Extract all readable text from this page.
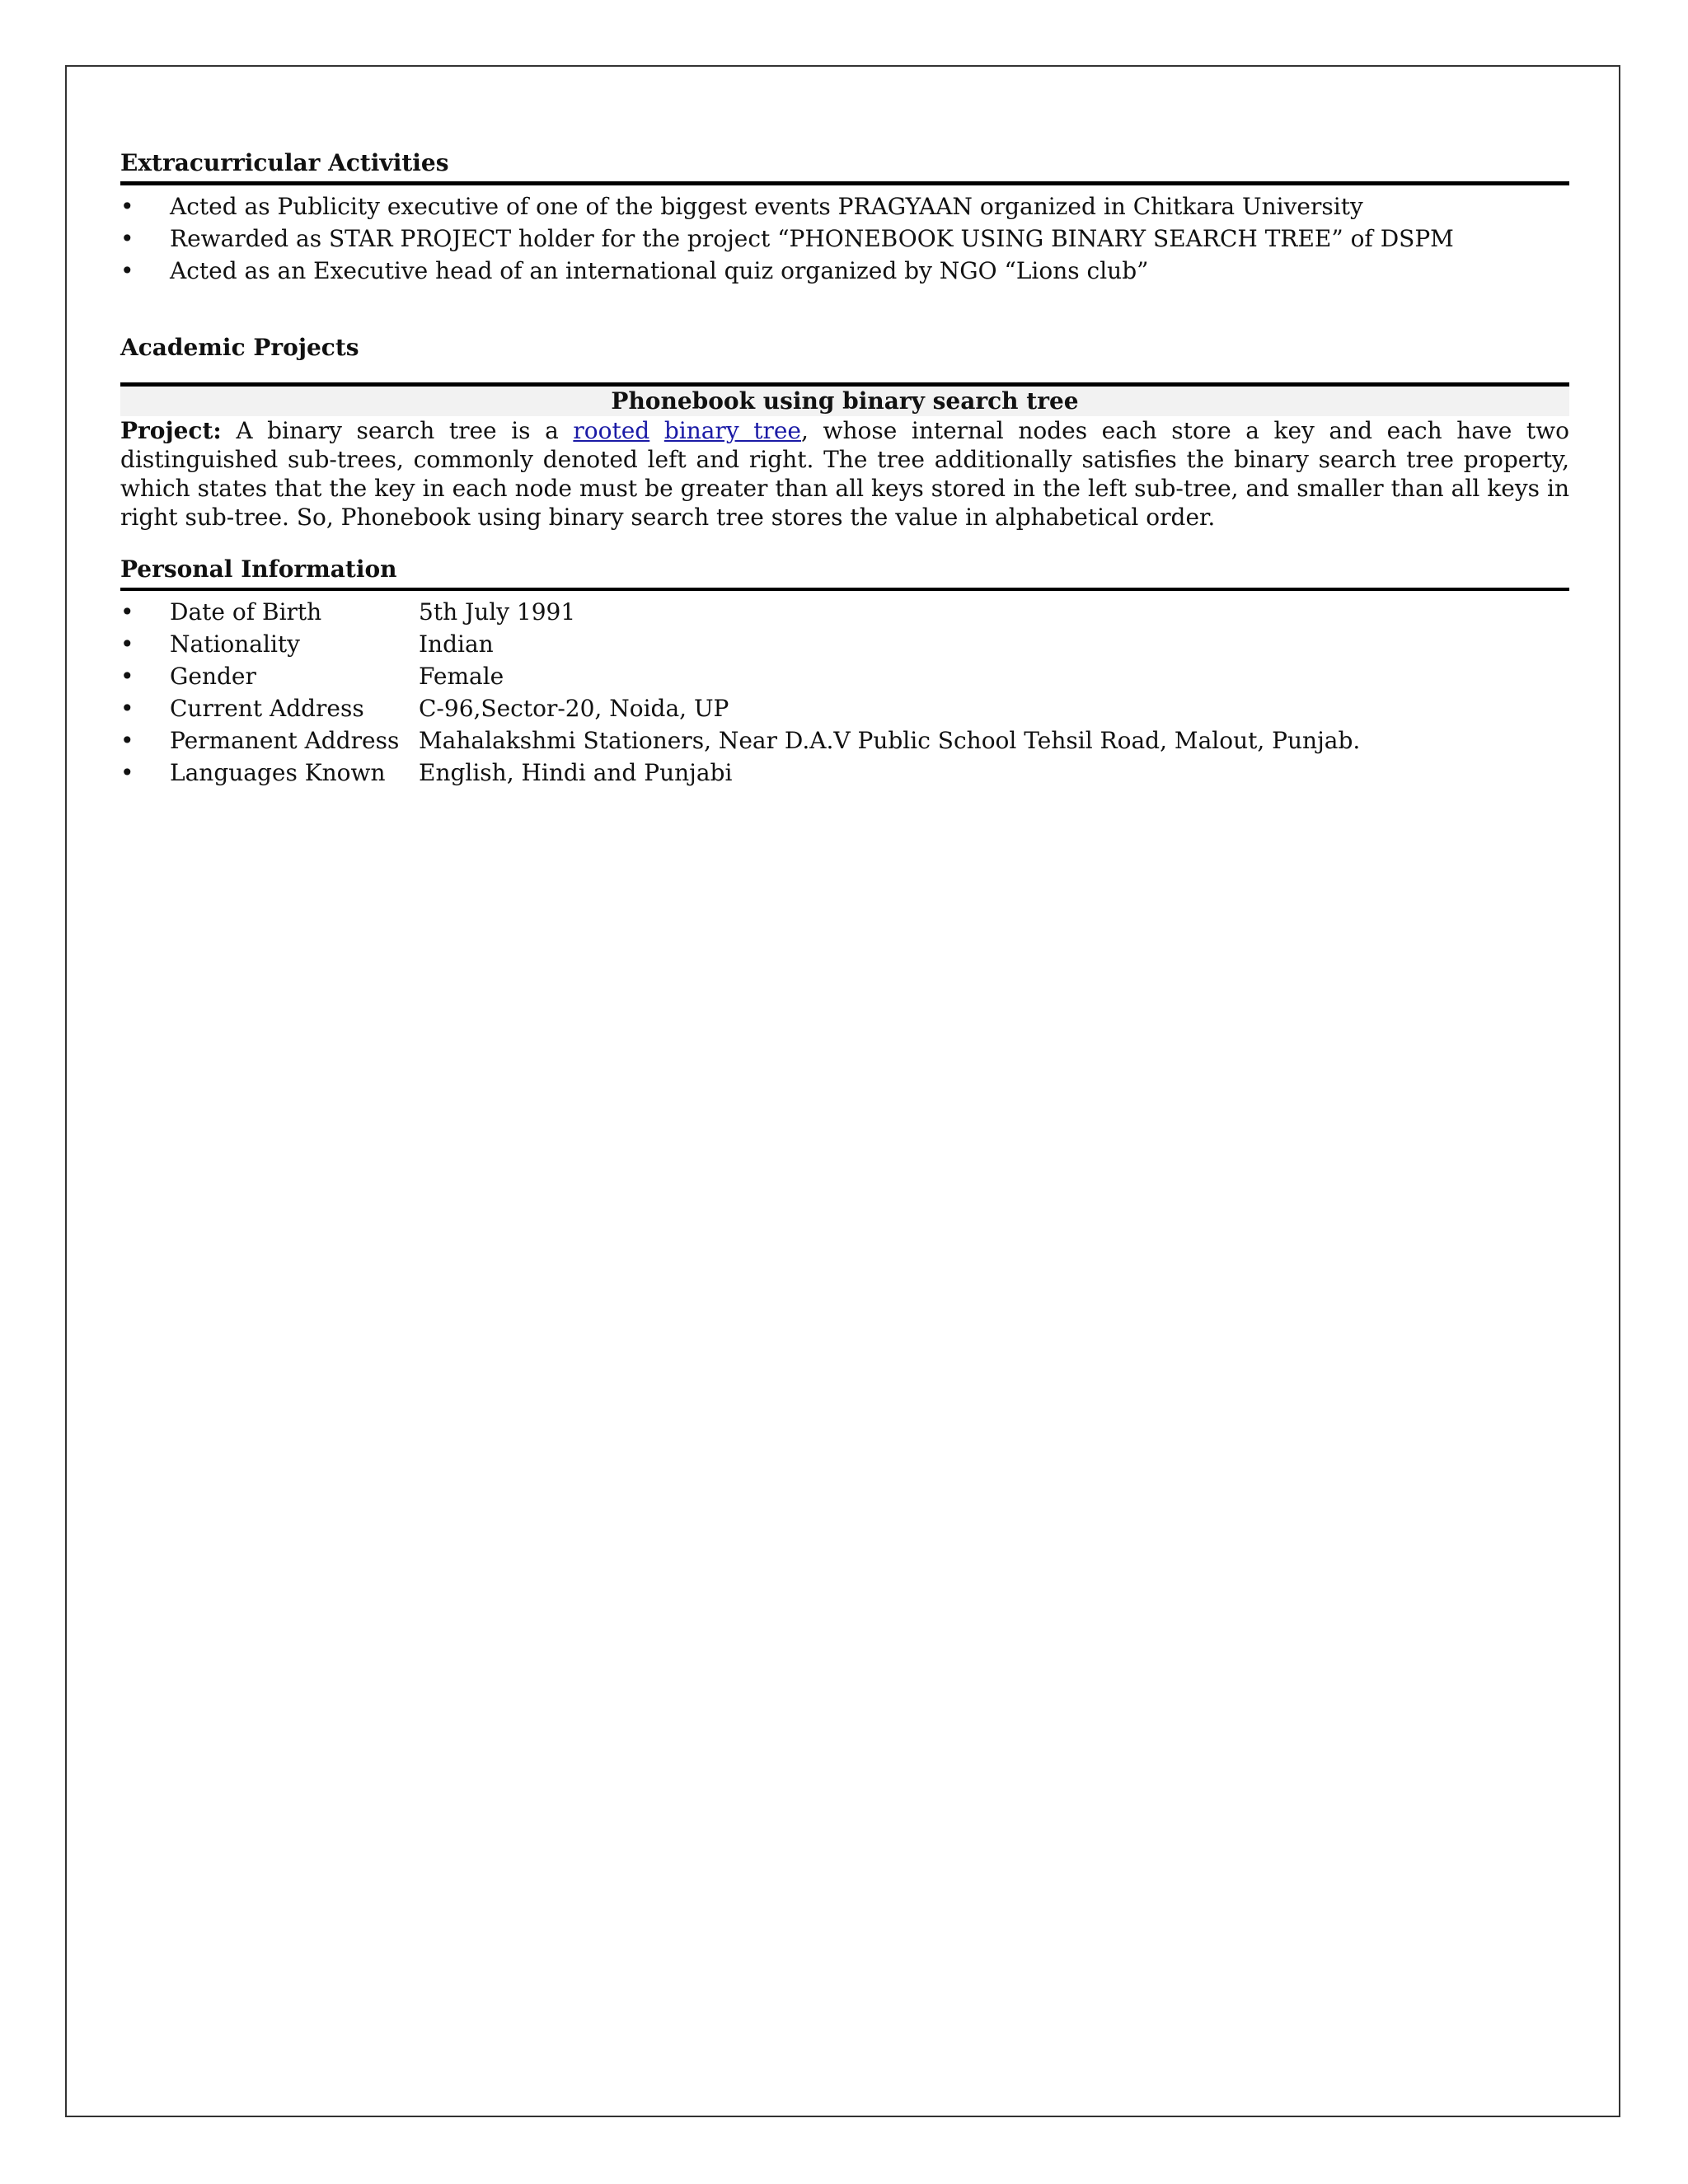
Extracurricular Activities
•	Acted as Publicity executive of one of the biggest events PRAGYAAN organized in Chitkara University
•	Rewarded as STAR PROJECT holder for the project “PHONEBOOK USING BINARY SEARCH TREE” of DSPM
•	Acted as an Executive head of an international quiz organized by NGO “Lions club”
Academic Projects
Phonebook using binary search tree
Project: A binary search tree is a rooted binary tree, whose internal nodes each store a key and each have two distinguished sub-trees, commonly denoted left and right. The tree additionally satisfies the binary search tree property, which states that the key in each node must be greater than all keys stored in the left sub-tree, and smaller than all keys in right sub-tree. So, Phonebook using binary search tree stores the value in alphabetical order.
Personal Information
•	Date of Birth	5th July 1991
•	Nationality	Indian
•	Gender	Female
•	Current Address C-96,Sector-20, Noida, UP
•	Permanent Address Mahalakshmi Stationers, Near D.A.V Public School Tehsil Road, Malout, Punjab.
•	Languages Known English, Hindi and Punjabi
